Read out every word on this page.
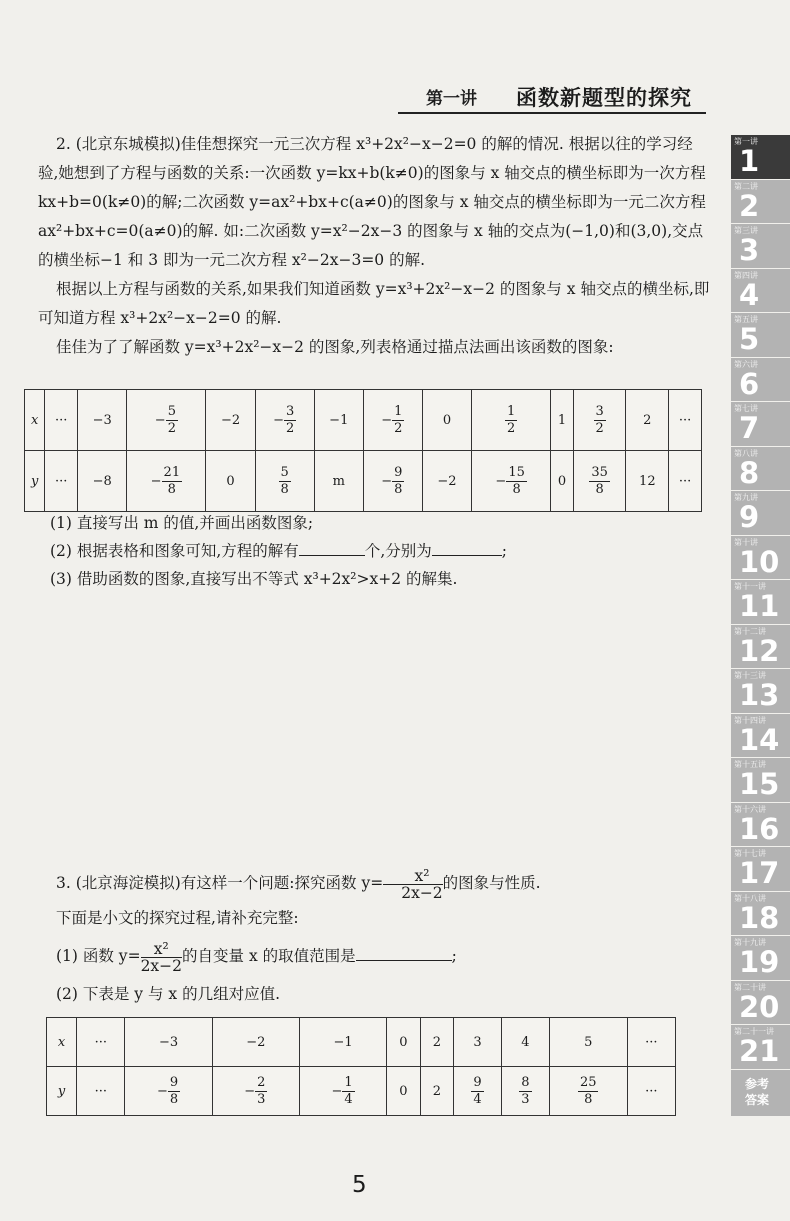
第一讲 函数新题型的探究
2. (北京东城模拟)佳佳想探究一元三次方程 x³+2x²−x−2=0 的解的情况. 根据以往的学习经验,她想到了方程与函数的关系:一次函数 y=kx+b(k≠0)的图象与 x 轴交点的横坐标即为一次方程 kx+b=0(k≠0)的解;二次函数 y=ax²+bx+c(a≠0)的图象与 x 轴交点的横坐标即为一元二次方程 ax²+bx+c=0(a≠0)的解. 如:二次函数 y=x²−2x−3 的图象与 x 轴的交点为(−1,0)和(3,0),交点的横坐标−1 和 3 即为一元二次方程 x²−2x−3=0 的解.
根据以上方程与函数的关系,如果我们知道函数 y=x³+2x²−x−2 的图象与 x 轴交点的横坐标,即可知道方程 x³+2x²−x−2=0 的解.
佳佳为了了解函数 y=x³+2x²−x−2 的图象,列表格通过描点法画出该函数的图象:
x	···	−3	− $\frac{5}{2}$	−2	− $\frac{3}{2}$	−1	− $\frac{1}{2}$	0	$\frac{1}{2}$	1	$\frac{3}{2}$	2	···
y	···	−8	− $\frac{21}{8}$	0	$\frac{5}{8}$	m	− $\frac{9}{8}$	−2	− $\frac{15}{8}$	0	$\frac{35}{8}$	12	···
(1) 直接写出 m 的值,并画出函数图象;
(2) 根据表格和图象可知,方程的解有	个,分别为	;
(3) 借助函数的图象,直接写出不等式 x³+2x²>x+2 的解集.
3. (北京海淀模拟)有这样一个问题:探究函数 $y= \frac{\text{x²}}{2x-2}$ 的图象与性质.
下面是小文的探究过程,请补充完整:
(1) 函数 $y= \frac{\text{x²}}{2x-2}$ 的自变量 x 的取值范围是	;
(2) 下表是 y 与 x 的几组对应值.
x	···	−3	−2	−1	0	2	3	4	5	···
y	···	− $\frac{9}{8}$	− $\frac{2}{3}$	− $\frac{1}{4}$	0	2	$\frac{9}{4}$	$\frac{8}{3}$	$\frac{25}{8}$	···
第一讲
1
第二讲
2
第三讲
3
第四讲
4
第五讲
5
第六讲
6
第七讲
7
第八讲
8
第九讲
9
第十讲
10
第十一讲
11
第十二讲
12
第十三讲
13
第十四讲
14
第十五讲
15
第十六讲
16
第十七讲
17
第十八讲
18
第十九讲
19
第二十讲
20
第二十一讲
21
参考
答案
5
